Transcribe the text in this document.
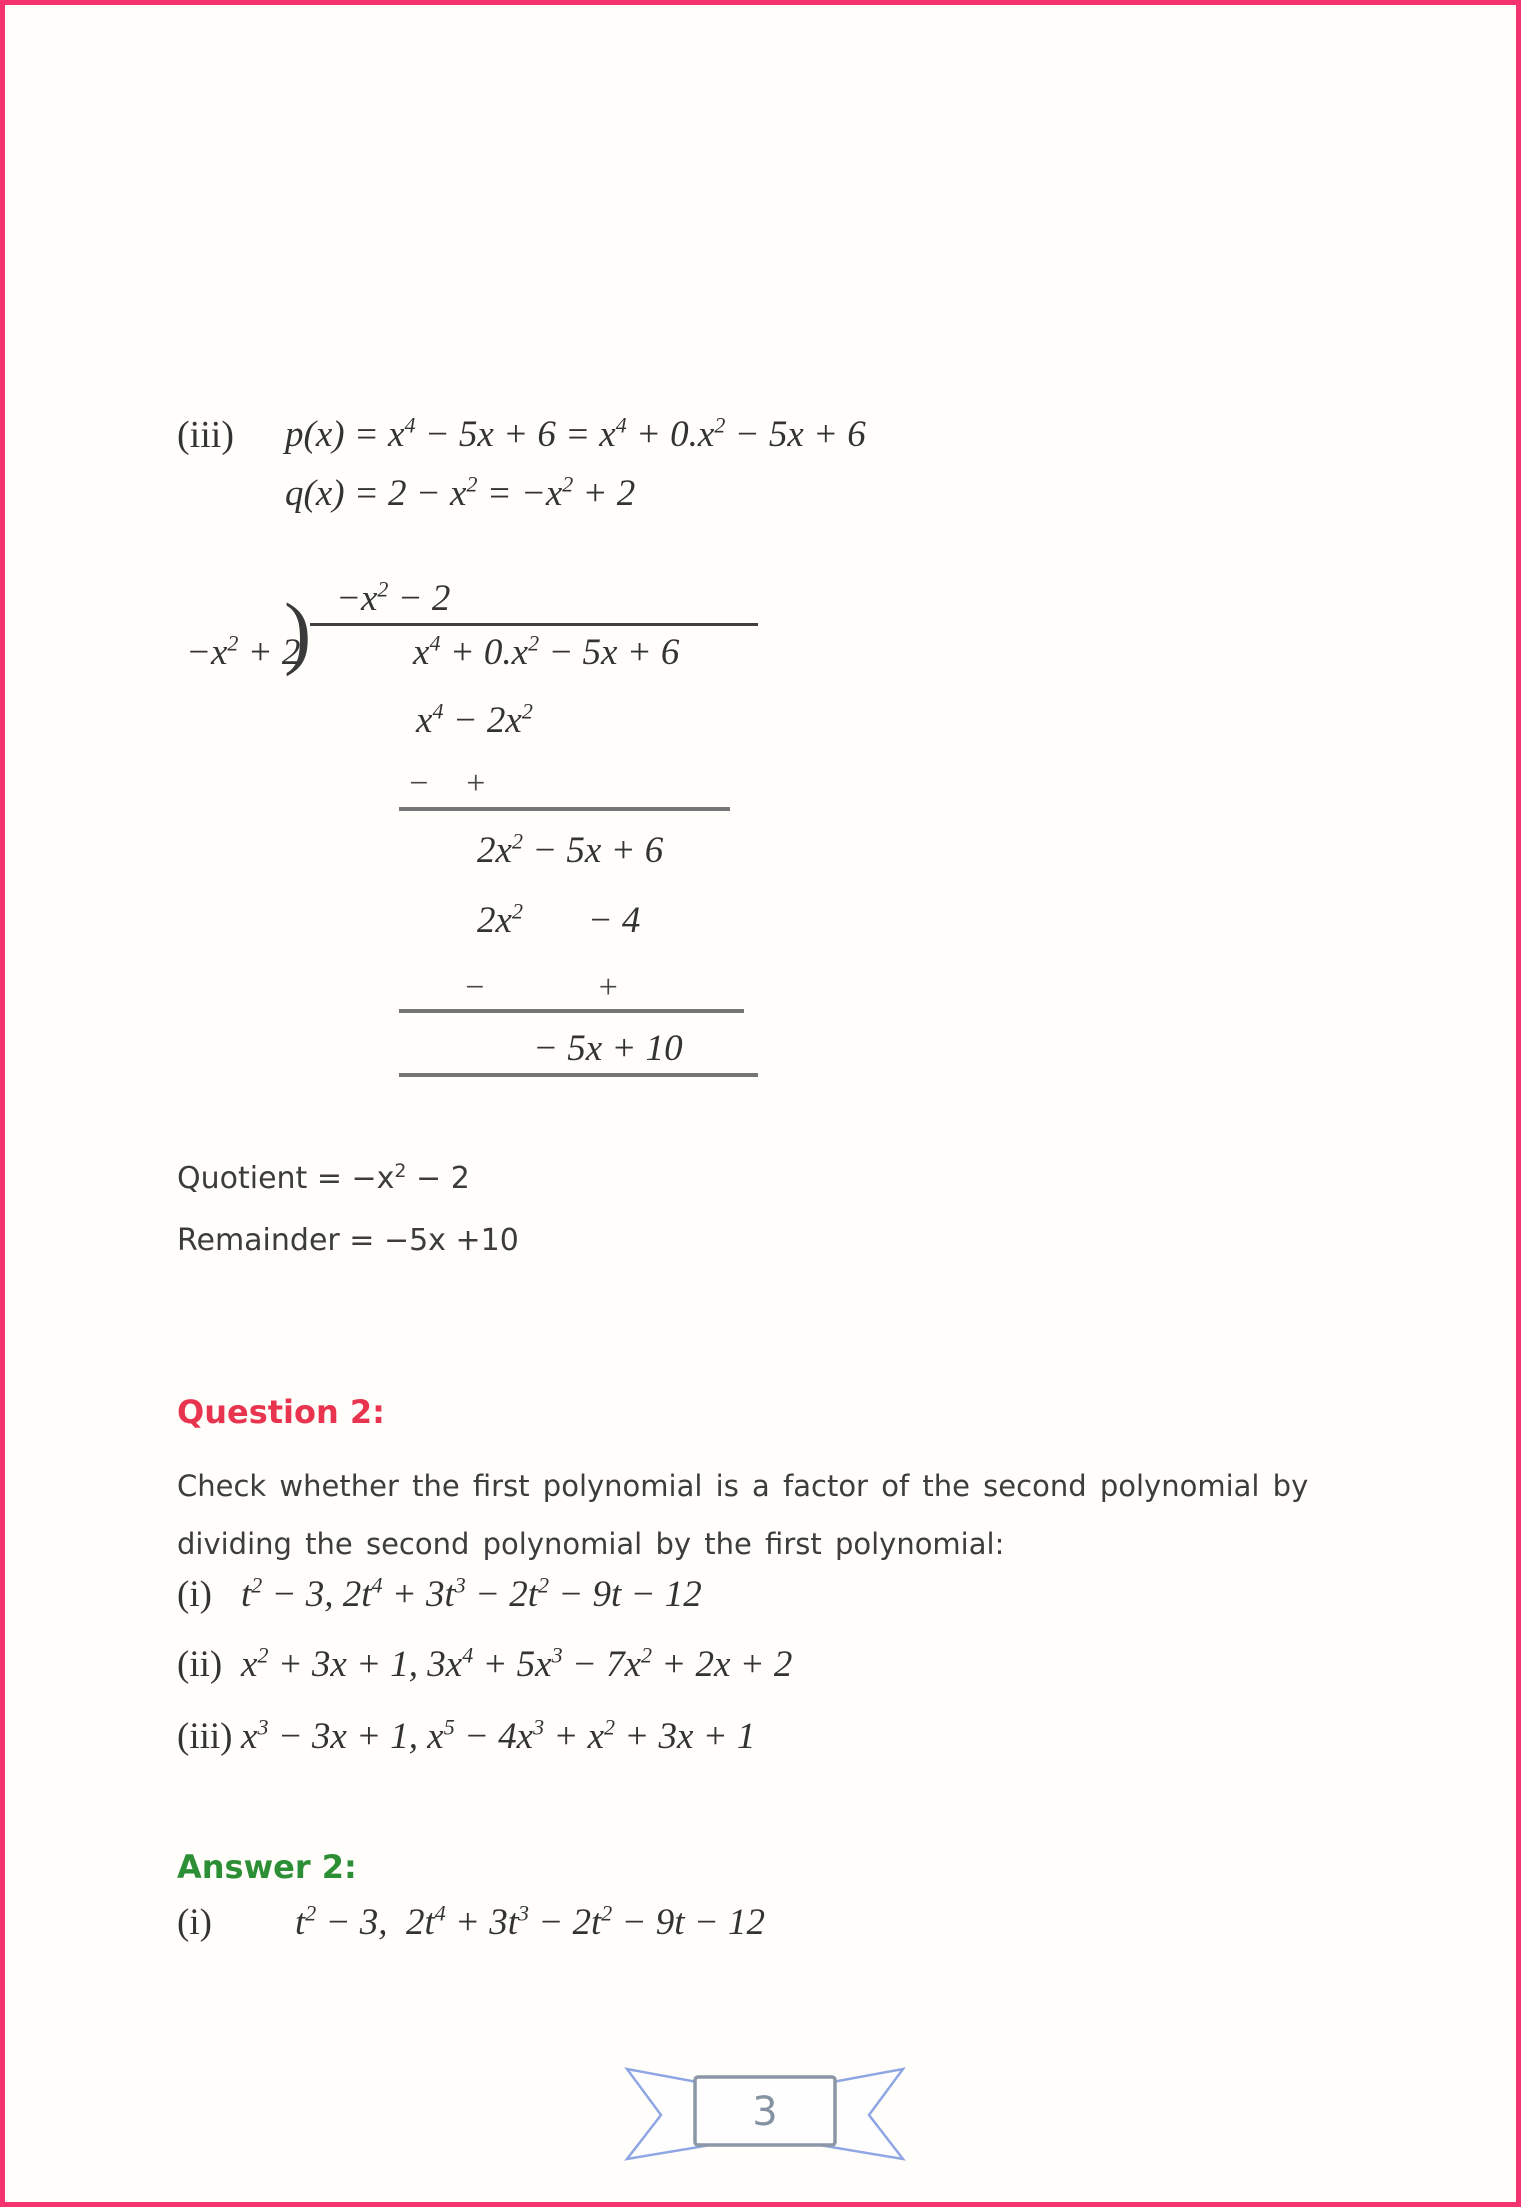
(iii)	$p(x) = x^4 - 5x + 6 = x^4 + 0.x^2 - 5x + 6$
$q(x) = 2 - x^2 = -x^2 + 2$
$-x^2 - 2$
)
$-x^2 + 2$	$x^4 + 0.x^2 - 5x + 6$
$x^4 - 2x^2$
−    +
$2x^2 - 5x + 6$
$2x^2$       − 4
−             +
− 5x + 10
Quotient = $-x^2 - 2$
Remainder = −5x +10
Question 2:
Check whether the first polynomial is a factor of the second polynomial by dividing the second polynomial by the first polynomial:
(i) $t^2 - 3$, $2t^4 + 3t^3 - 2t^2 - 9t - 12$
(ii) $x^2 + 3x + 1$, $3x^4 + 5x^3 - 7x^2 + 2x + 2$
(iii) $x^3 - 3x + 1$, $x^5 - 4x^3 + x^2 + 3x + 1$
Answer 2:
(i)	$t^2 - 3$,  $2t^4 + 3t^3 - 2t^2 - 9t - 12$
3
